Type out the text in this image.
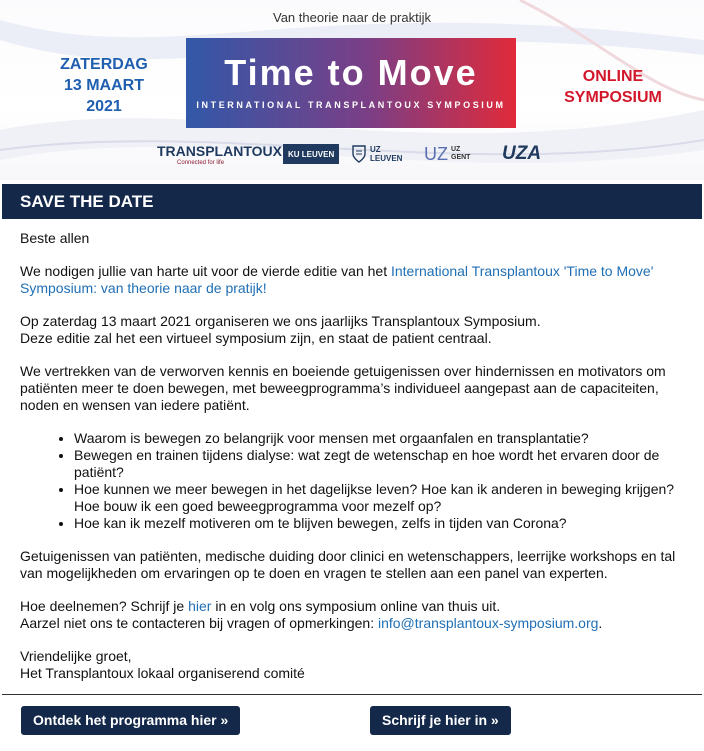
Van theorie naar de praktijk
ZATERDAG
13 MAART
2021
Time to Move
INTERNATIONAL TRANSPLANTOUX SYMPOSIUM
ONLINE
SYMPOSIUM
TRANSPLANTOUX
Connected for life
KU LEUVEN	UZ
LEUVEN UZ UZ
GENT UZA
SAVE THE DATE

Beste allen

We nodigen jullie van harte uit voor de vierde editie van het International Transplantoux 'Time to Move' Symposium: van theorie naar de pratijk!

Op zaterdag 13 maart 2021 organiseren we ons jaarlijks Transplantoux Symposium.
Deze editie zal het een virtueel symposium zijn, en staat de patient centraal.

We vertrekken van de verworven kennis en boeiende getuigenissen over hindernissen en motivators om patiënten meer te doen bewegen, met beweegprogramma’s individueel aangepast aan de capaciteiten, noden en wensen van iedere patiënt.

• Waarom is bewegen zo belangrijk voor mensen met orgaanfalen en transplantatie?
• Bewegen en trainen tijdens dialyse: wat zegt de wetenschap en hoe wordt het ervaren door de patiënt?
• Hoe kunnen we meer bewegen in het dagelijkse leven? Hoe kan ik anderen in beweging krijgen? Hoe bouw ik een goed beweegprogramma voor mezelf op?
• Hoe kan ik mezelf motiveren om te blijven bewegen, zelfs in tijden van Corona?

Getuigenissen van patiënten, medische duiding door clinici en wetenschappers, leerrijke workshops en tal van mogelijkheden om ervaringen op te doen en vragen te stellen aan een panel van experten.

Hoe deelnemen? Schrijf je hier in en volg ons symposium online van thuis uit.
Aarzel niet ons te contacteren bij vragen of opmerkingen: info@transplantoux-symposium.org.

Vriendelijke groet,
Het Transplantoux lokaal organiserend comité

Ontdek het programma hier »	Schrijf je hier in »
